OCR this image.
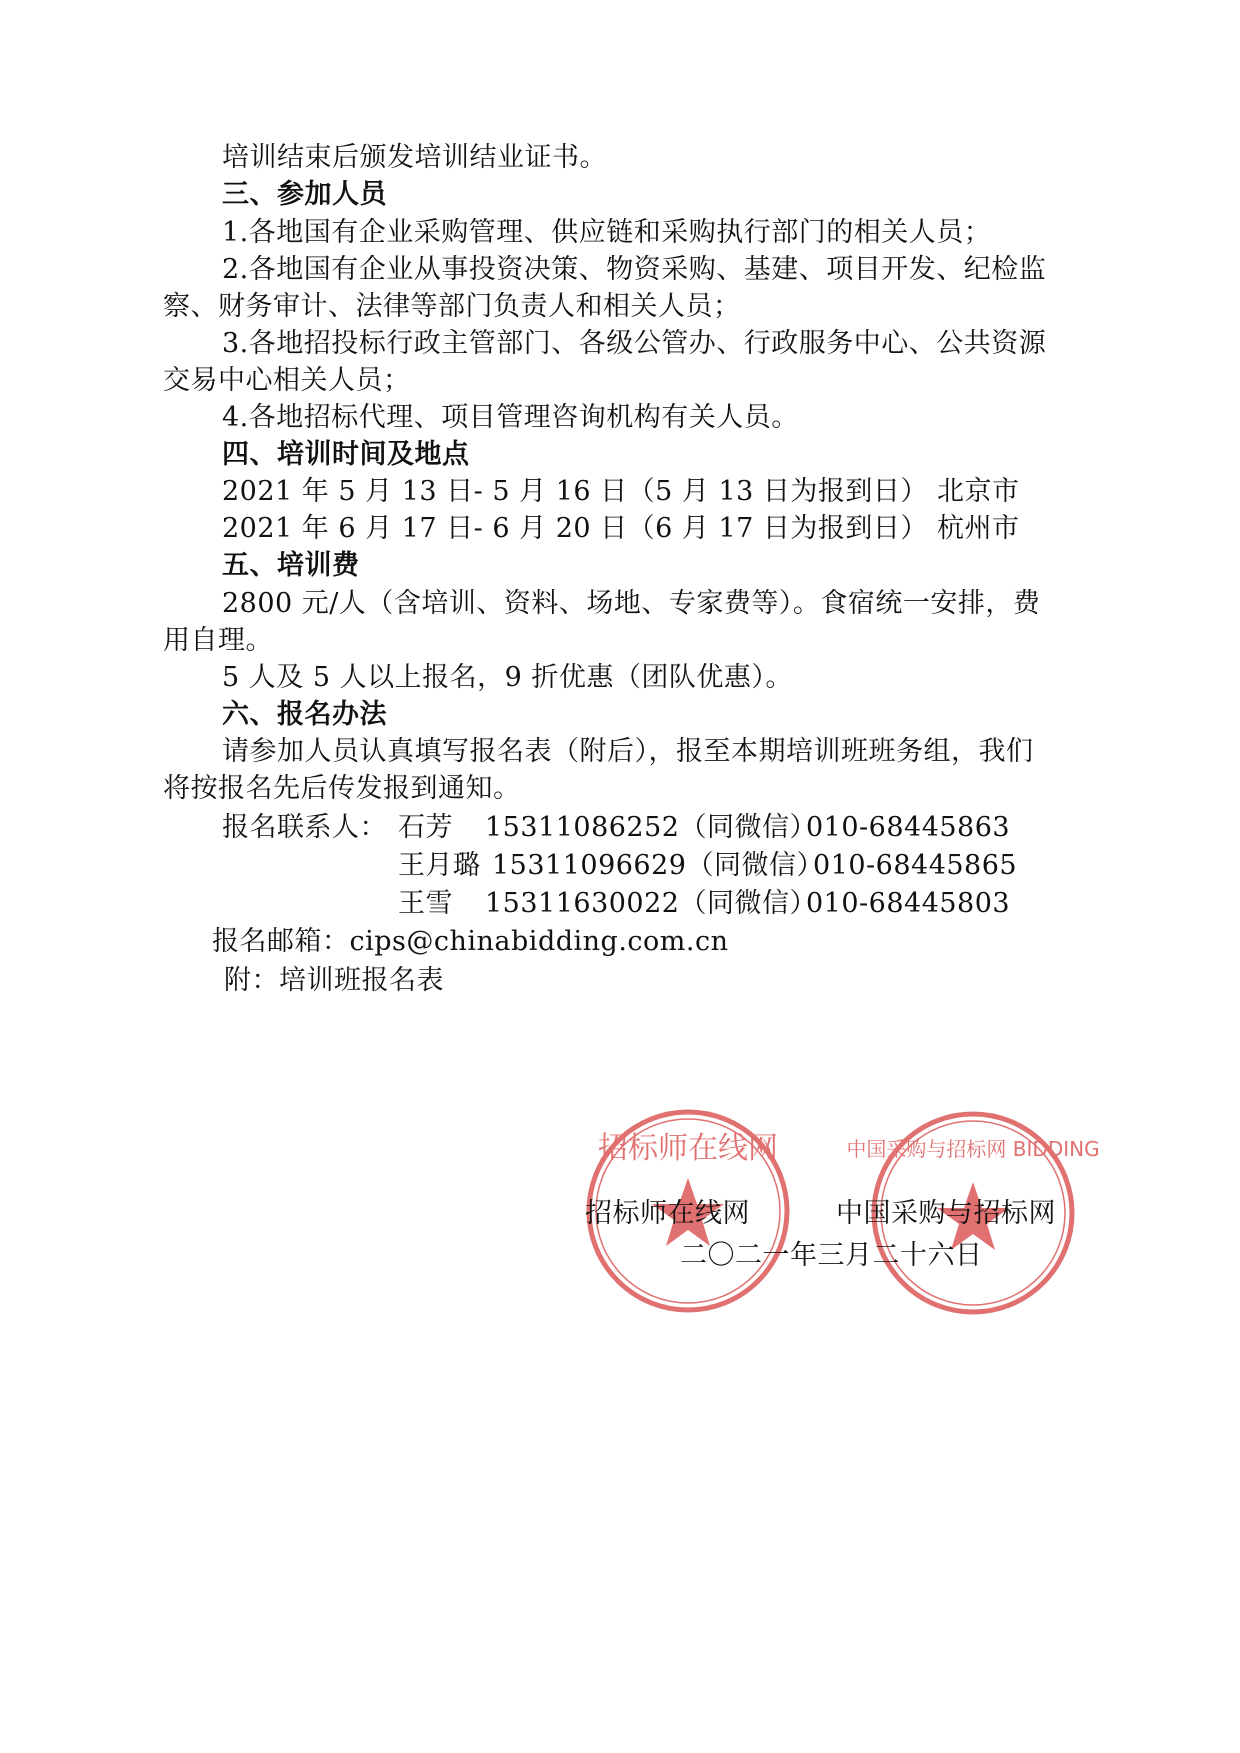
培训结束后颁发培训结业证书。
三、参加人员
1.各地国有企业采购管理、供应链和采购执行部门的相关人员；
2.各地国有企业从事投资决策、物资采购、基建、项目开发、纪检监
察、财务审计、法律等部门负责人和相关人员；
3.各地招投标行政主管部门、各级公管办、行政服务中心、公共资源
交易中心相关人员；
4.各地招标代理、项目管理咨询机构有关人员。
四、培训时间及地点
2021 年 5 月 13 日- 5 月 16 日（5 月 13 日为报到日） 北京市
2021 年 6 月 17 日- 6 月 20 日（6 月 17 日为报到日） 杭州市
五、培训费
2800 元/人（含培训、资料、场地、专家费等）。食宿统一安排，费
用自理。
5 人及 5 人以上报名，9 折优惠（团队优惠）。
六、报名办法
请参加人员认真填写报名表（附后），报至本期培训班班务组，我们
将按报名先后传发报到通知。
报名联系人： 石芳 15311086252（同微信）
010-68445863
王月璐 15311096629（同微信）
010-68445865
王雪 15311630022（同微信）
010-68445803
报名邮箱：cips@chinabidding.com.cn
附：培训班报名表
招标师在线网	中国采购与招标网 BIDDING
招标师在线网	中国采购与招标网
二〇二一年三月二十六日
